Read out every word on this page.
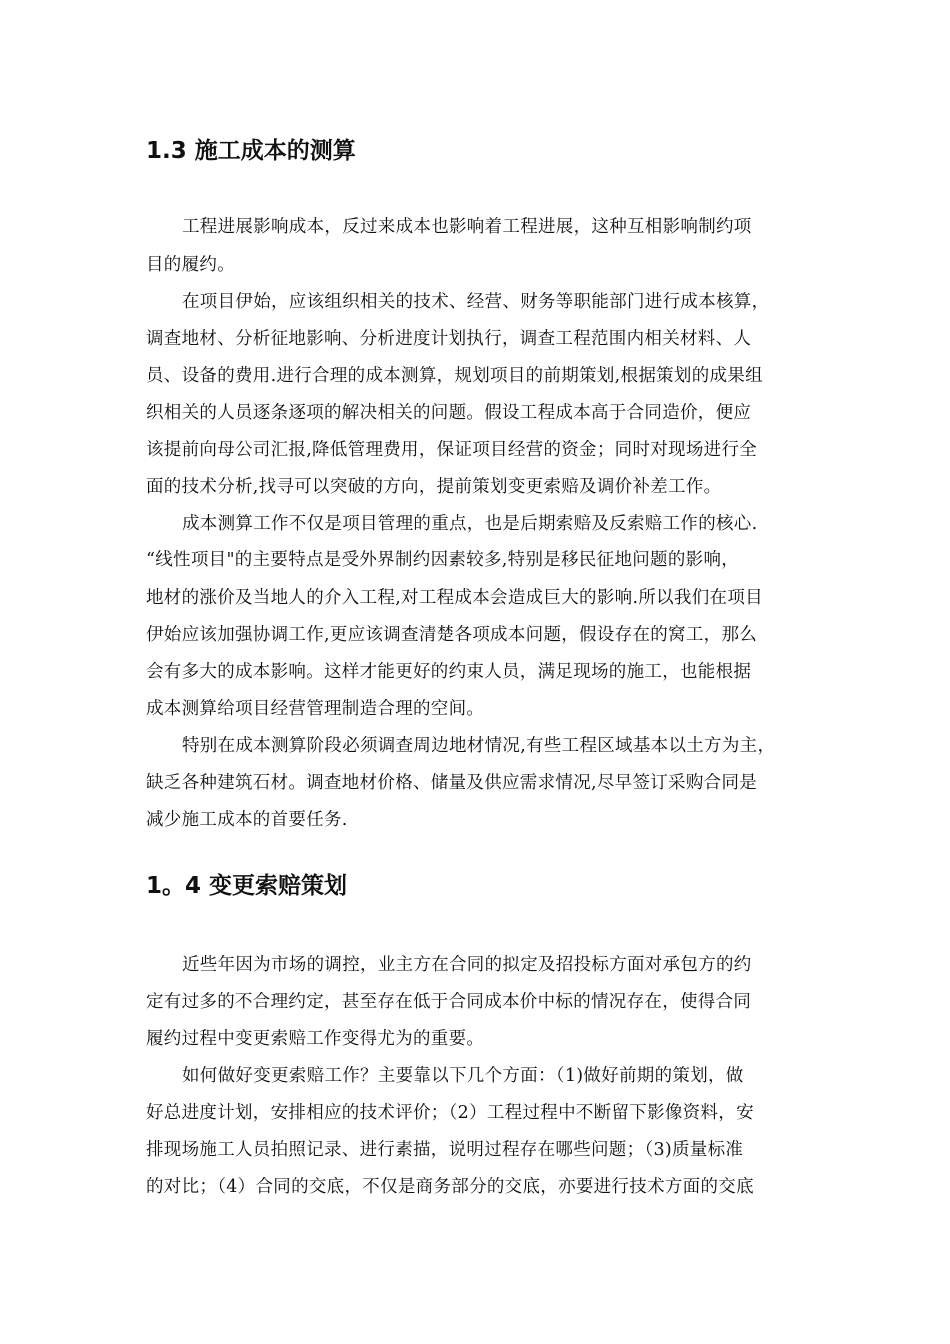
1.3 施工成本的测算
工程进展影响成本，反过来成本也影响着工程进展，这种互相影响制约项
目的履约。
在项目伊始，应该组织相关的技术、经营、财务等职能部门进行成本核算，
调查地材、分析征地影响、分析进度计划执行，调查工程范围内相关材料、人
员、设备的费用.进行合理的成本测算，规划项目的前期策划,根据策划的成果组
织相关的人员逐条逐项的解决相关的问题。假设工程成本高于合同造价，便应
该提前向母公司汇报,降低管理费用，保证项目经营的资金；同时对现场进行全
面的技术分析,找寻可以突破的方向，提前策划变更索赔及调价补差工作。
成本测算工作不仅是项目管理的重点，也是后期索赔及反索赔工作的核心.
“线性项目"的主要特点是受外界制约因素较多,特别是移民征地问题的影响，
地材的涨价及当地人的介入工程,对工程成本会造成巨大的影响.所以我们在项目
伊始应该加强协调工作,更应该调查清楚各项成本问题，假设存在的窝工，那么
会有多大的成本影响。这样才能更好的约束人员，满足现场的施工，也能根据
成本测算给项目经营管理制造合理的空间。
特别在成本测算阶段必须调查周边地材情况,有些工程区域基本以土方为主，
缺乏各种建筑石材。调查地材价格、储量及供应需求情况,尽早签订采购合同是
减少施工成本的首要任务.
1。4 变更索赔策划
近些年因为市场的调控，业主方在合同的拟定及招投标方面对承包方的约
定有过多的不合理约定，甚至存在低于合同成本价中标的情况存在，使得合同
履约过程中变更索赔工作变得尤为的重要。
如何做好变更索赔工作？主要靠以下几个方面：（1)做好前期的策划，做
好总进度计划，安排相应的技术评价；（2）工程过程中不断留下影像资料，安
排现场施工人员拍照记录、进行素描，说明过程存在哪些问题；（3)质量标准
的对比；（4）合同的交底，不仅是商务部分的交底，亦要进行技术方面的交底
